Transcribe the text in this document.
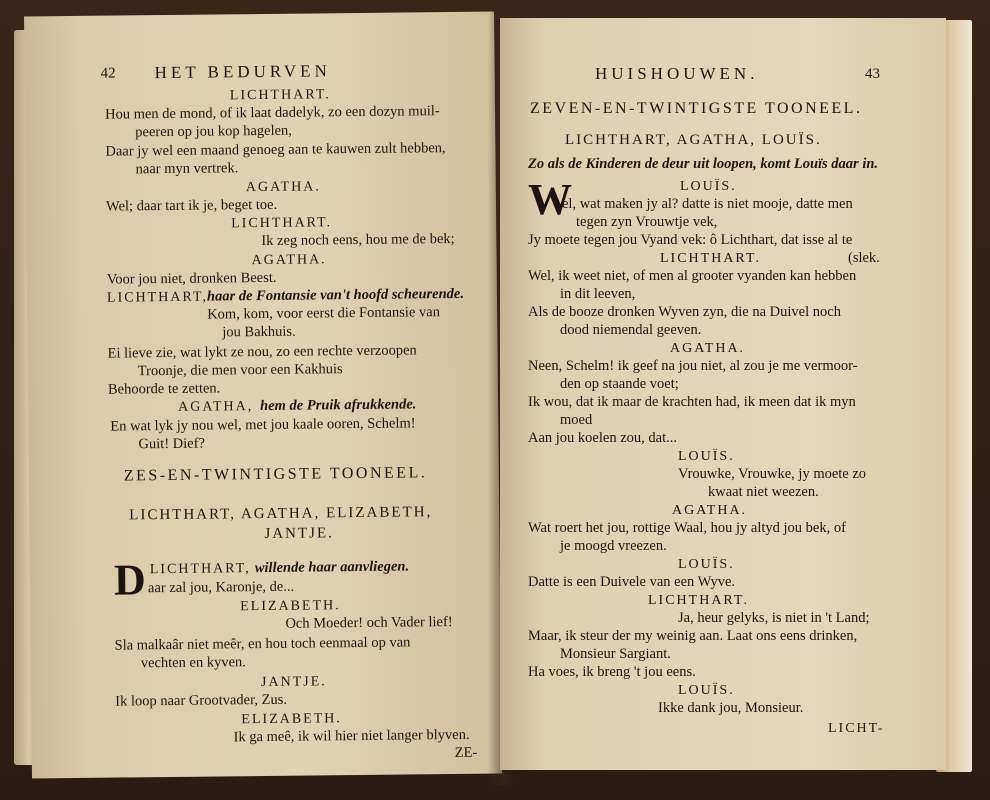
42 HET BEDURVEN
LICHTHART.
Hou men de mond, of ik laat dadelyk, zo een dozyn muil-
peeren op jou kop hagelen,
Daar jy wel een maand genoeg aan te kauwen zult hebben,
naar myn vertrek.
AGATHA.
Wel; daar tart ik je, beget toe.
LICHTHART.
Ik zeg noch eens, hou me de bek;
AGATHA.
Voor jou niet, dronken Beest.
LICHTHART,
haar de Fontansie van't hoofd scheurende.
Kom, kom, voor eerst die Fontansie van
jou Bakhuis.
Ei lieve zie, wat lykt ze nou, zo een rechte verzoopen
Troonje, die men voor een Kakhuis
Behoorde te zetten.
AGATHA, hem de Pruik afrukkende.
En wat lyk jy nou wel, met jou kaale ooren, Schelm!
Guit! Dief?
ZES-EN-TWINTIGSTE TOONEEL.
LICHTHART, AGATHA, ELIZABETH,
JANTJE.
D LICHTHART, willende haar aanvliegen.
aar zal jou, Karonje, de...
ELIZABETH.
Och Moeder! och Vader lief!
Sla malkaâr niet meêr, en hou toch eenmaal op van
vechten en kyven.
JANTJE.
Ik loop naar Grootvader, Zus.
ELIZABETH.
Ik ga meê, ik wil hier niet langer blyven.
ZE-
HUISHOUWEN.	43
ZEVEN-EN-TWINTIGSTE TOONEEL.
LICHTHART, AGATHA, LOUÏS.
Zo als de Kinderen de deur uit loopen, komt Louïs daar in.
W	LOUÏS.
el, wat maken jy al? datte is niet mooje, datte men
tegen zyn Vrouwtje vek,
Jy moete tegen jou Vyand vek: ô Lichthart, dat isse al te
LICHTHART.	(slek.
Wel, ik weet niet, of men al grooter vyanden kan hebben
in dit leeven,
Als de booze dronken Wyven zyn, die na Duivel noch
dood niemendal geeven.
AGATHA.
Neen, Schelm! ik geef na jou niet, al zou je me vermoor-
den op staande voet;
Ik wou, dat ik maar de krachten had, ik meen dat ik myn
moed
Aan jou koelen zou, dat...
LOUÏS.
Vrouwke, Vrouwke, jy moete zo
kwaat niet weezen.
AGATHA.
Wat roert het jou, rottige Waal, hou jy altyd jou bek, of
je moogd vreezen.
LOUÏS.
Datte is een Duivele van een Wyve.
LICHTHART.
Ja, heur gelyks, is niet in 't Land;
Maar, ik steur der my weinig aan. Laat ons eens drinken,
Monsieur Sargiant.
Ha voes, ik breng 't jou eens.
LOUÏS.
Ikke dank jou, Monsieur.
LICHT-
